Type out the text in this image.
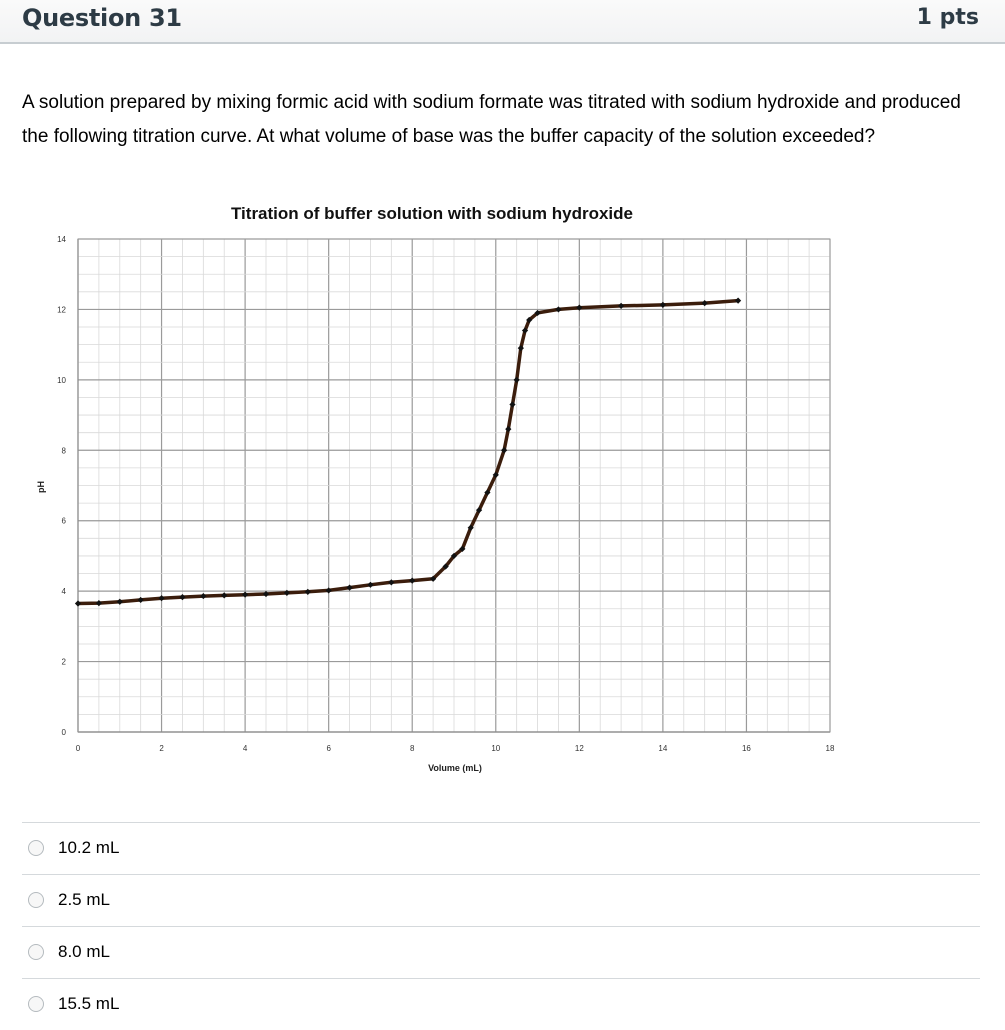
Question 31	1 pts
A solution prepared by mixing formic acid with sodium formate was titrated with sodium hydroxide and produced the following titration curve. At what volume of base was the buffer capacity of the solution exceeded?
Titration of buffer solution with sodium hydroxide
0	2	4	6	8	10	12	14	16	18
0
2
4
6
8
10
12
14
Volume (mL)
pH
10.2 mL
2.5 mL
8.0 mL
15.5 mL
